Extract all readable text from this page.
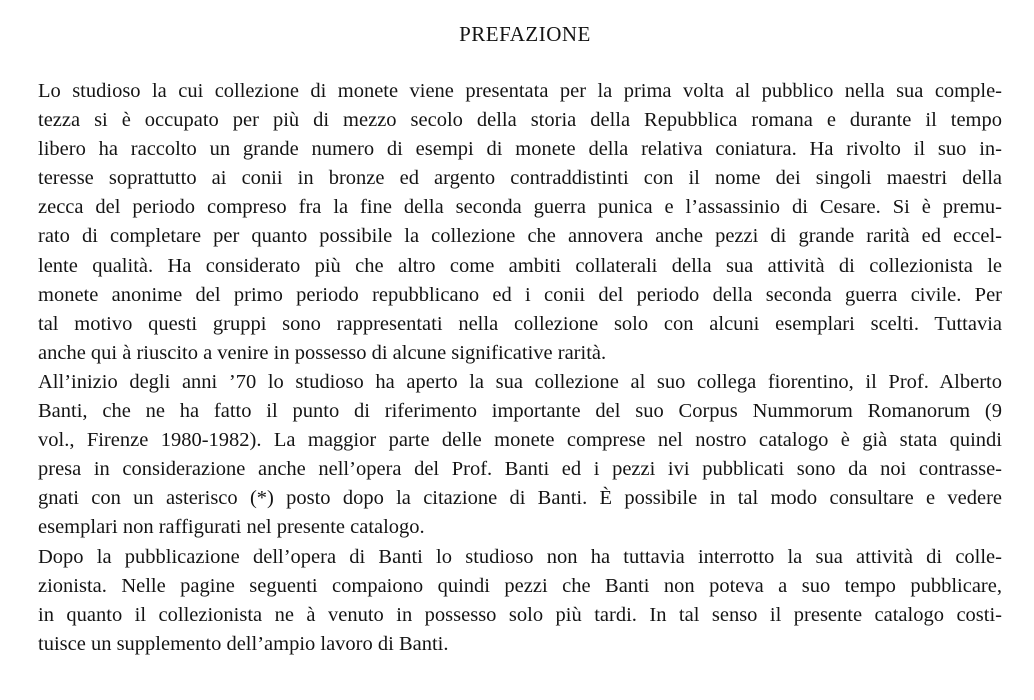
PREFAZIONE
Lo studioso la cui collezione di monete viene presentata per la prima volta al pubblico nella sua comple-
tezza si è occupato per più di mezzo secolo della storia della Repubblica romana e durante il tempo
libero ha raccolto un grande numero di esempi di monete della relativa coniatura. Ha rivolto il suo in-
teresse soprattutto ai conii in bronze ed argento contraddistinti con il nome dei singoli maestri della
zecca del periodo compreso fra la fine della seconda guerra punica e l’assassinio di Cesare. Si è premu-
rato di completare per quanto possibile la collezione che annovera anche pezzi di grande rarità ed eccel-
lente qualità. Ha considerato più che altro come ambiti collaterali della sua attività di collezionista le
monete anonime del primo periodo repubblicano ed i conii del periodo della seconda guerra civile. Per
tal motivo questi gruppi sono rappresentati nella collezione solo con alcuni esemplari scelti. Tuttavia
anche qui à riuscito a venire in possesso di alcune significative rarità.
All’inizio degli anni ’70 lo studioso ha aperto la sua collezione al suo collega fiorentino, il Prof. Alberto
Banti, che ne ha fatto il punto di riferimento importante del suo Corpus Nummorum Romanorum (9
vol., Firenze 1980-1982). La maggior parte delle monete comprese nel nostro catalogo è già stata quindi
presa in considerazione anche nell’opera del Prof. Banti ed i pezzi ivi pubblicati sono da noi contrasse-
gnati con un asterisco (*) posto dopo la citazione di Banti. È possibile in tal modo consultare e vedere
esemplari non raffigurati nel presente catalogo.
Dopo la pubblicazione dell’opera di Banti lo studioso non ha tuttavia interrotto la sua attività di colle-
zionista. Nelle pagine seguenti compaiono quindi pezzi che Banti non poteva a suo tempo pubblicare,
in quanto il collezionista ne à venuto in possesso solo più tardi. In tal senso il presente catalogo costi-
tuisce un supplemento dell’ampio lavoro di Banti.
